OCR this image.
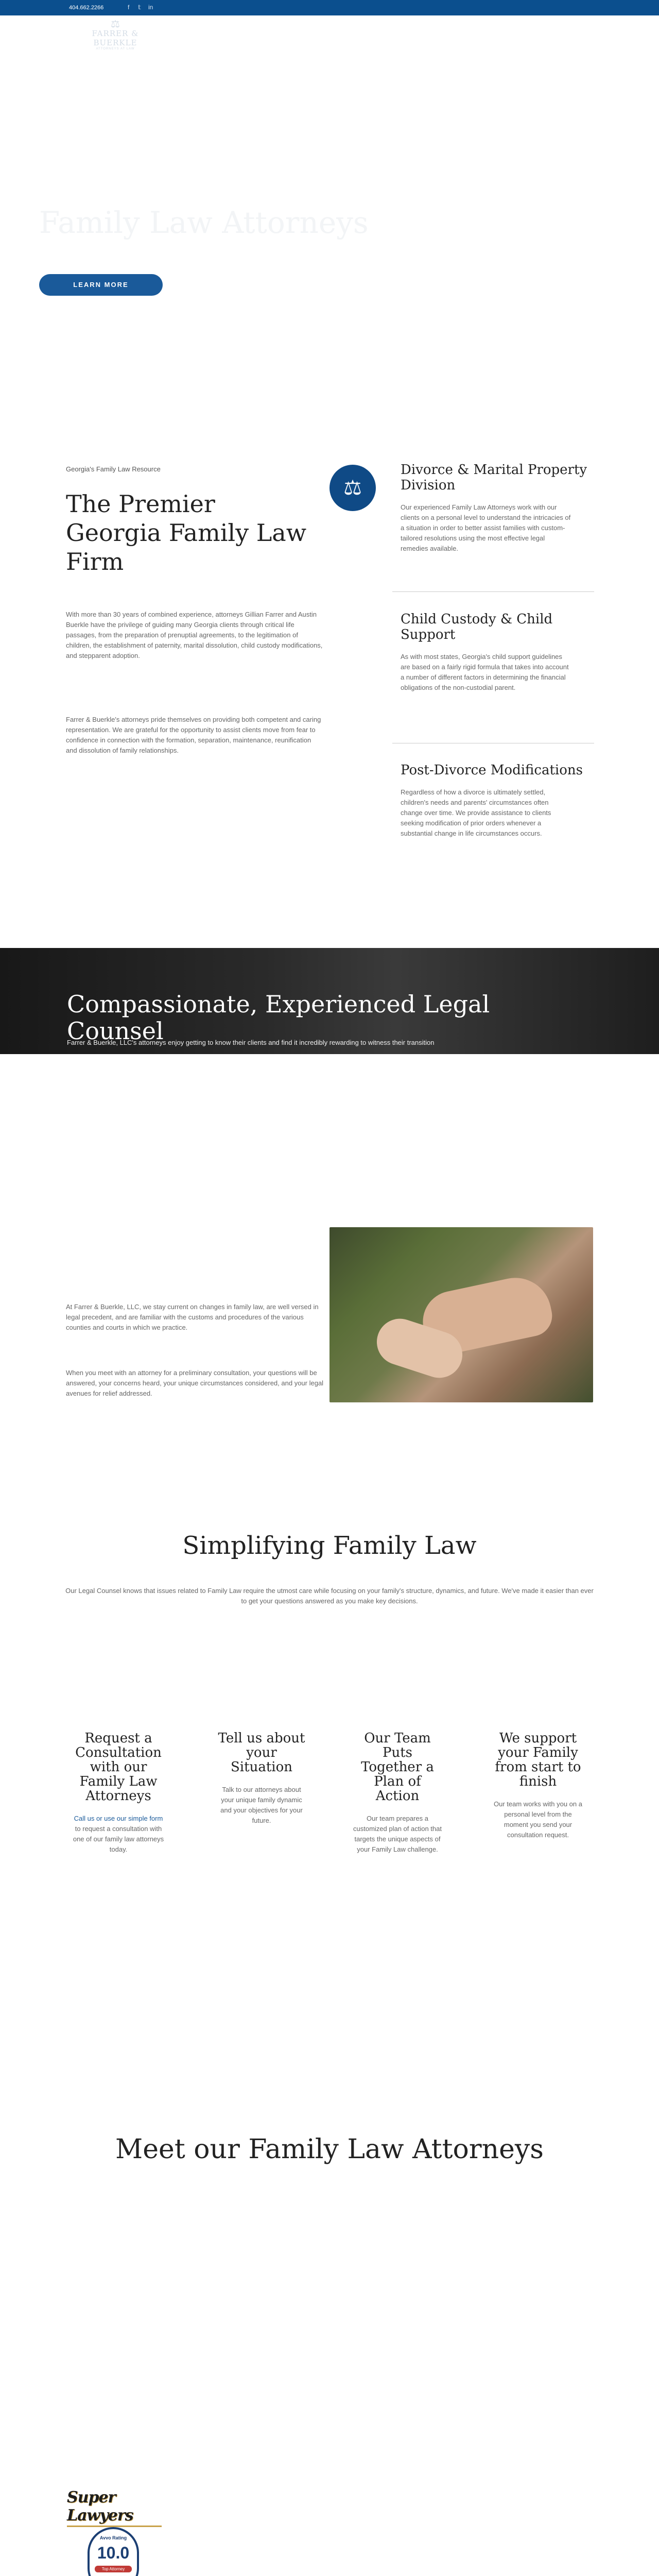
404.662.2266	f 𝕥 in
⚖
FARRER & BUERKLE
ATTORNEYS AT LAW
Family Law Attorneys
LEARN MORE
Georgia's Family Law Resource
The Premier Georgia Family Law Firm
With more than 30 years of combined experience, attorneys Gillian Farrer and Austin Buerkle have the privilege of guiding many Georgia clients through critical life passages, from the preparation of prenuptial agreements, to the legitimation of children, the establishment of paternity, marital dissolution, child custody modifications, and stepparent adoption.
Farrer & Buerkle's attorneys pride themselves on providing both competent and caring representation. We are grateful for the opportunity to assist clients move from fear to confidence in connection with the formation, separation, maintenance, reunification and dissolution of family relationships.
⚖
Divorce & Marital Property Division
Our experienced Family Law Attorneys work with our clients on a personal level to understand the intricacies of a situation in order to better assist families with custom-tailored resolutions using the most effective legal remedies available.
Child Custody & Child Support
As with most states, Georgia's child support guidelines are based on a fairly rigid formula that takes into account a number of different factors in determining the financial obligations of the non-custodial parent.
Post-Divorce Modifications
Regardless of how a divorce is ultimately settled, children's needs and parents' circumstances often change over time. We provide assistance to clients seeking modification of prior orders whenever a substantial change in life circumstances occurs.
Compassionate, Experienced Legal Counsel
Farrer & Buerkle, LLC's attorneys enjoy getting to know their clients and find it incredibly rewarding to witness their transition
At Farrer & Buerkle, LLC, we stay current on changes in family law, are well versed in legal precedent, and are familiar with the customs and procedures of the various counties and courts in which we practice.
When you meet with an attorney for a preliminary consultation, your questions will be answered, your concerns heard, your unique circumstances considered, and your legal avenues for relief addressed.
Simplifying Family Law
Our Legal Counsel knows that issues related to Family Law require the utmost care while focusing on your family's structure, dynamics, and future. We've made it easier than ever to get your questions answered as you make key decisions.
Request a Consultation with our Family Law Attorneys
Call us or use our simple form to request a consultation with one of our family law attorneys today.
Tell us about your Situation
Talk to our attorneys about your unique family dynamic and your objectives for your future.
Our Team Puts Together a Plan of Action
Our team prepares a customized plan of action that targets the unique aspects of your Family Law challenge.
We support your Family from start to finish
Our team works with you on a personal level from the moment you send your consultation request.
Meet our Family Law Attorneys
Super Lawyers
Avvo Rating
10.0
Top Attorney
